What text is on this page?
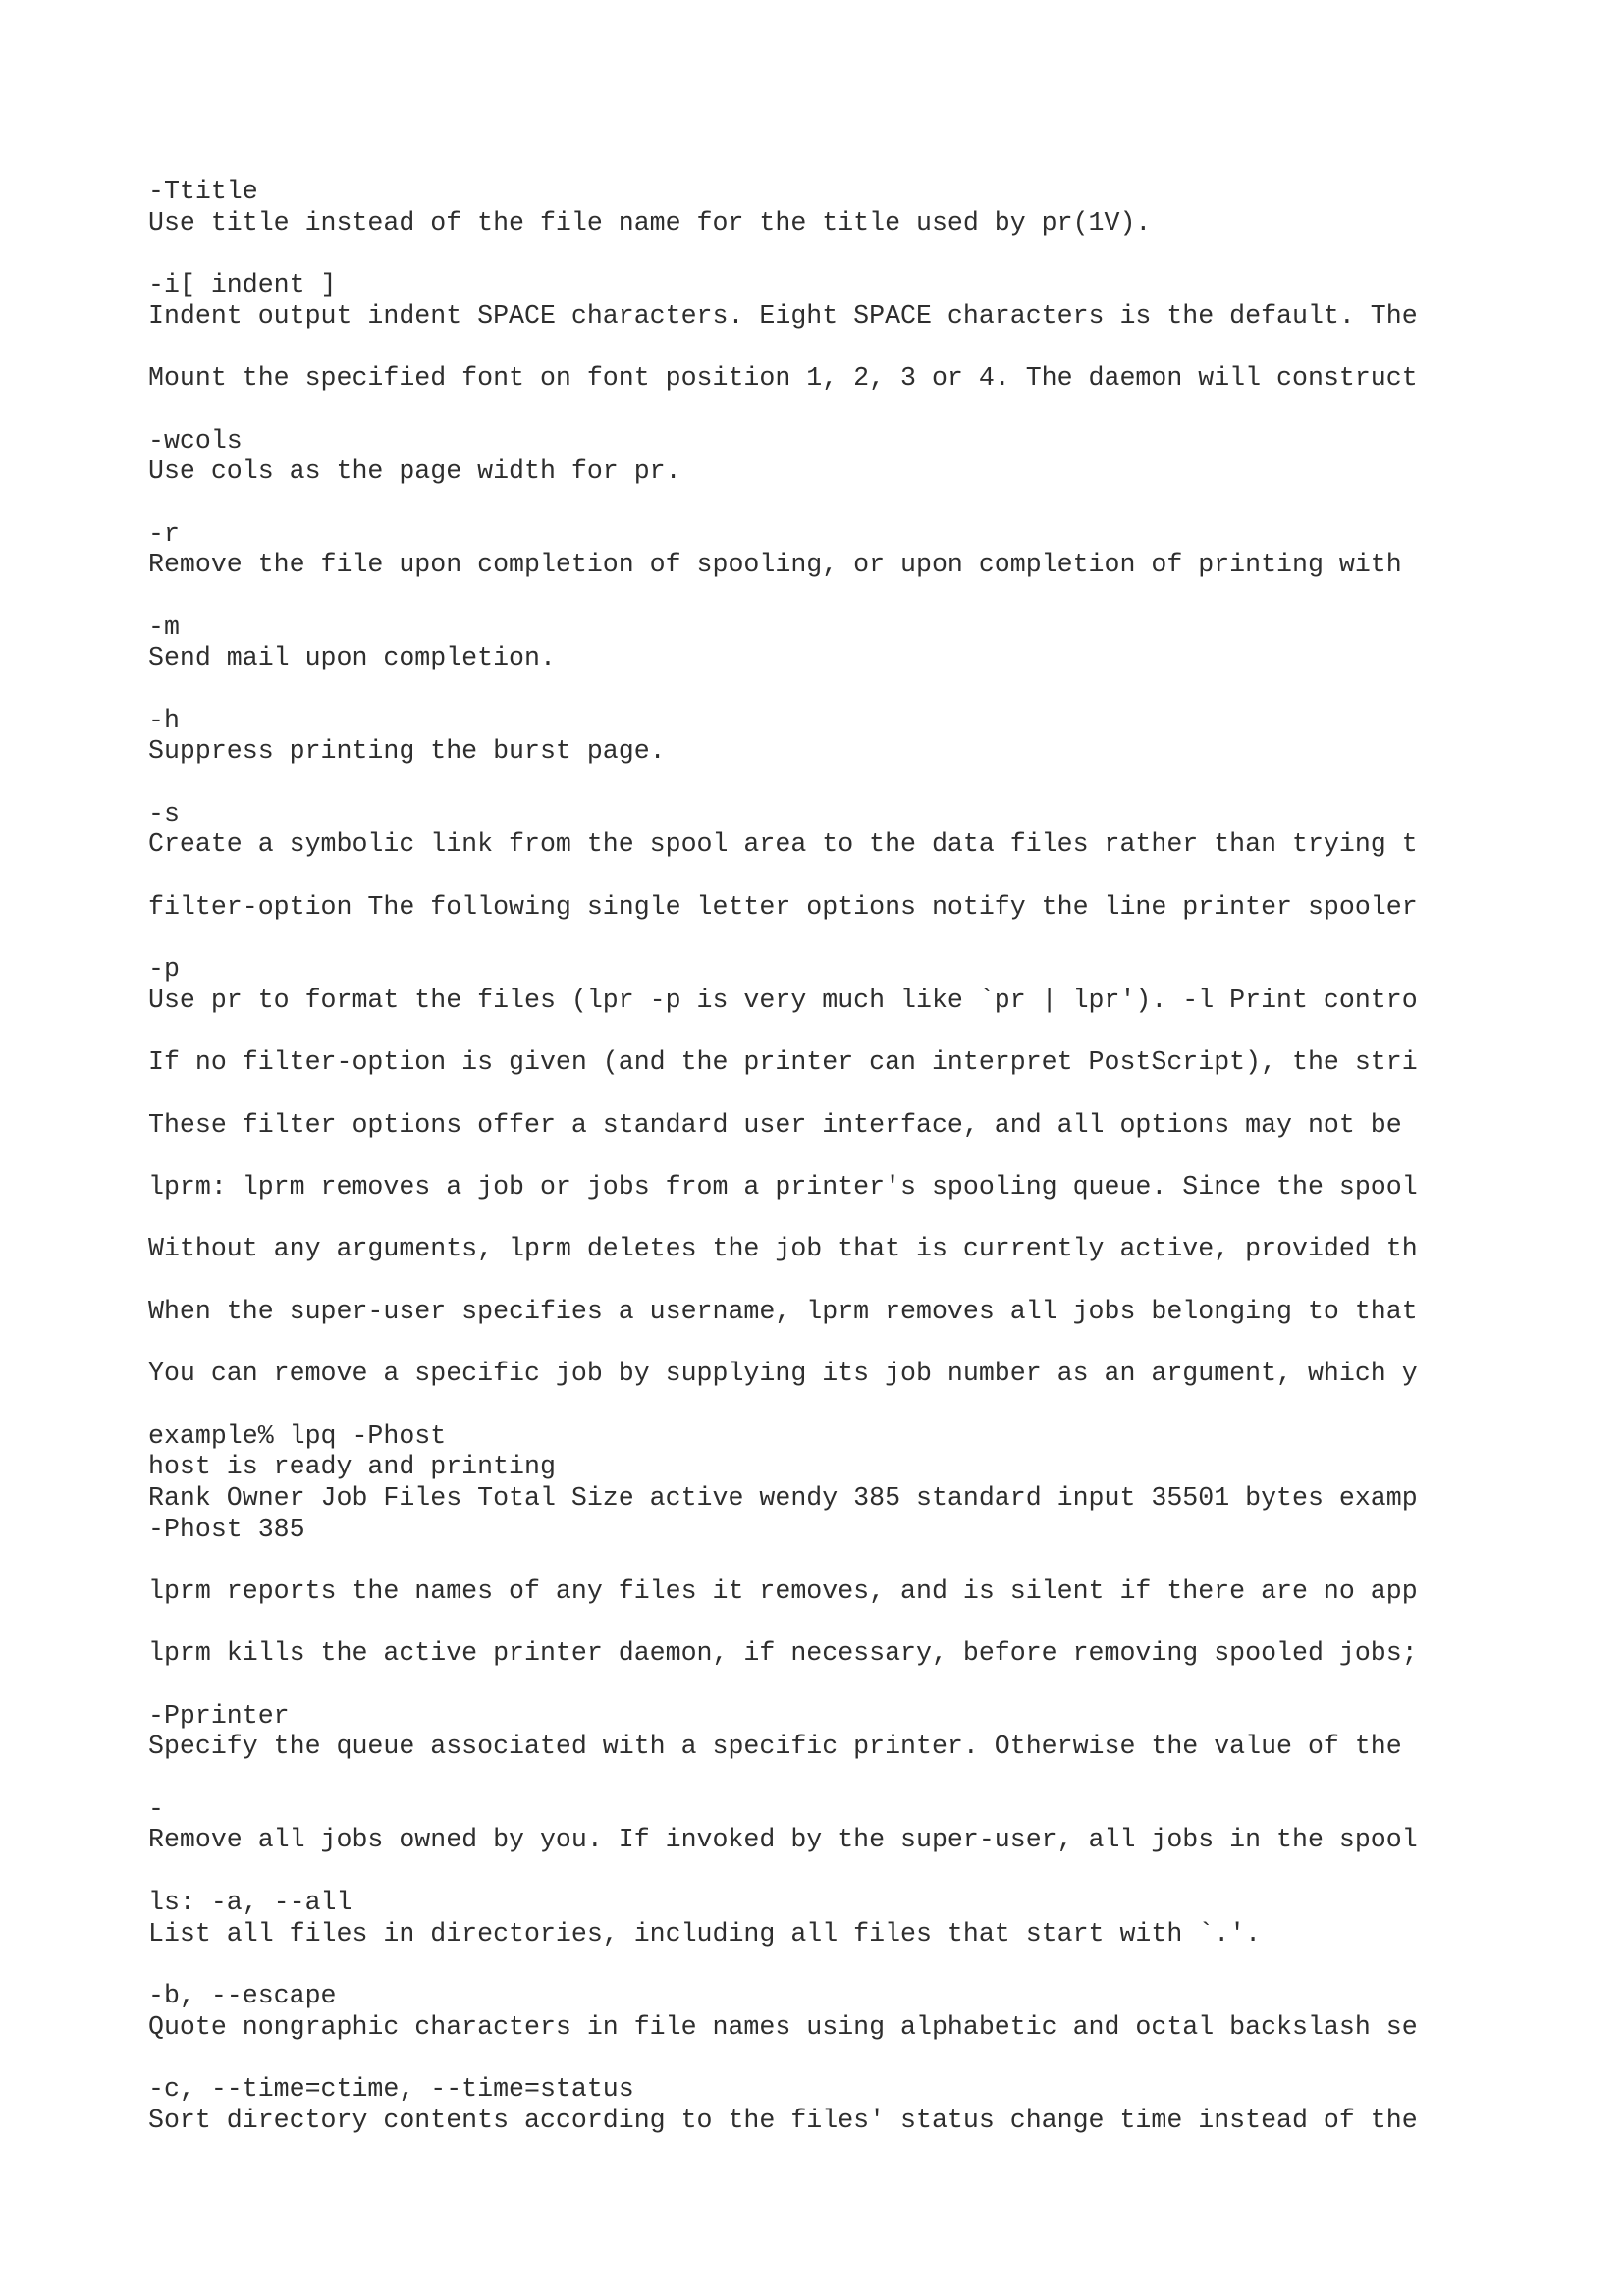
-Ttitle
Use title instead of the file name for the title used by pr(1V).
-i[ indent ]
Indent output indent SPACE characters. Eight SPACE characters is the default. The
Mount the specified font on font position 1, 2, 3 or 4. The daemon will construct
-wcols
Use cols as the page width for pr.
-r
Remove the file upon completion of spooling, or upon completion of printing with
-m
Send mail upon completion.
-h
Suppress printing the burst page.
-s
Create a symbolic link from the spool area to the data files rather than trying t
filter-option The following single letter options notify the line printer spooler
-p
Use pr to format the files (lpr -p is very much like `pr | lpr'). -l Print contro
If no filter-option is given (and the printer can interpret PostScript), the stri
These filter options offer a standard user interface, and all options may not be
lprm: lprm removes a job or jobs from a printer's spooling queue. Since the spool
Without any arguments, lprm deletes the job that is currently active, provided th
When the super-user specifies a username, lprm removes all jobs belonging to that
You can remove a specific job by supplying its job number as an argument, which y
example% lpq -Phost
host is ready and printing
Rank Owner Job Files Total Size active wendy 385 standard input 35501 bytes examp
-Phost 385
lprm reports the names of any files it removes, and is silent if there are no app
lprm kills the active printer daemon, if necessary, before removing spooled jobs;
-Pprinter
Specify the queue associated with a specific printer. Otherwise the value of the
-
Remove all jobs owned by you. If invoked by the super-user, all jobs in the spool
ls: -a, --all
List all files in directories, including all files that start with `.'.
-b, --escape
Quote nongraphic characters in file names using alphabetic and octal backslash se
-c, --time=ctime, --time=status
Sort directory contents according to the files' status change time instead of the
